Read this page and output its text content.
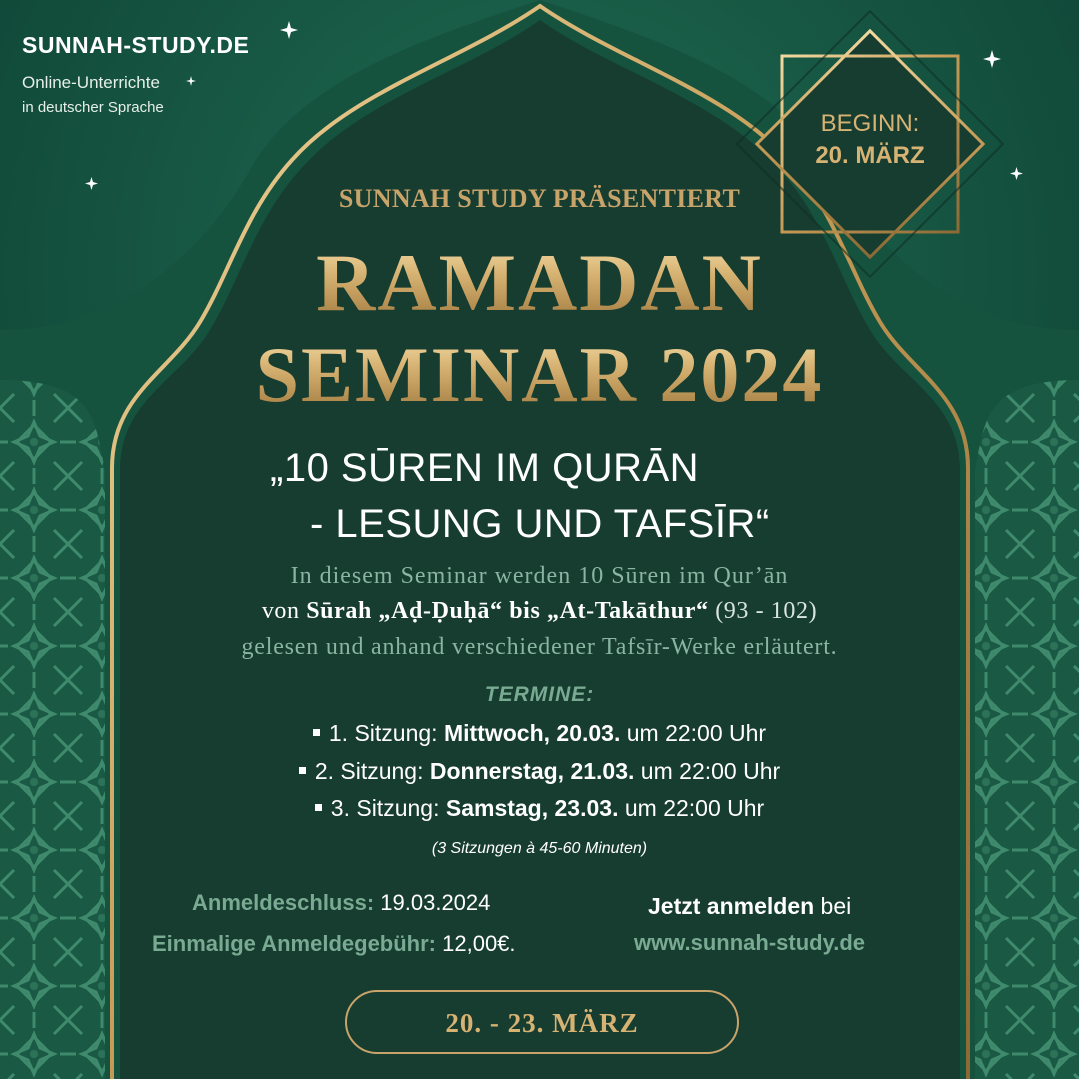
SUNNAH-STUDY.DE

Online-Unterrichte

in deutscher Sprache

BEGINN:

20. MÄRZ

SUNNAH STUDY PRÄSENTIERT

RAMADAN
SEMINAR 2024

„10 SŪREN IM QURĀN

- LESUNG UND TAFSĪR“

In diesem Seminar werden 10 Sūren im Qur’ān

von Sūrah „Aḍ-Ḍuḥā“ bis „At-Takāthur“ (93 - 102)

gelesen und anhand verschiedener Tafsīr-Werke erläutert.

TERMINE:

1. Sitzung: Mittwoch, 20.03. um 22:00 Uhr

2. Sitzung: Donnerstag, 21.03. um 22:00 Uhr

3. Sitzung: Samstag, 23.03. um 22:00 Uhr

(3 Sitzungen à 45-60 Minuten)

Anmeldeschluss: 19.03.2024

Einmalige Anmeldegebühr: 12,00€.

Jetzt anmelden bei

www.sunnah-study.de

20. - 23. MÄRZ
